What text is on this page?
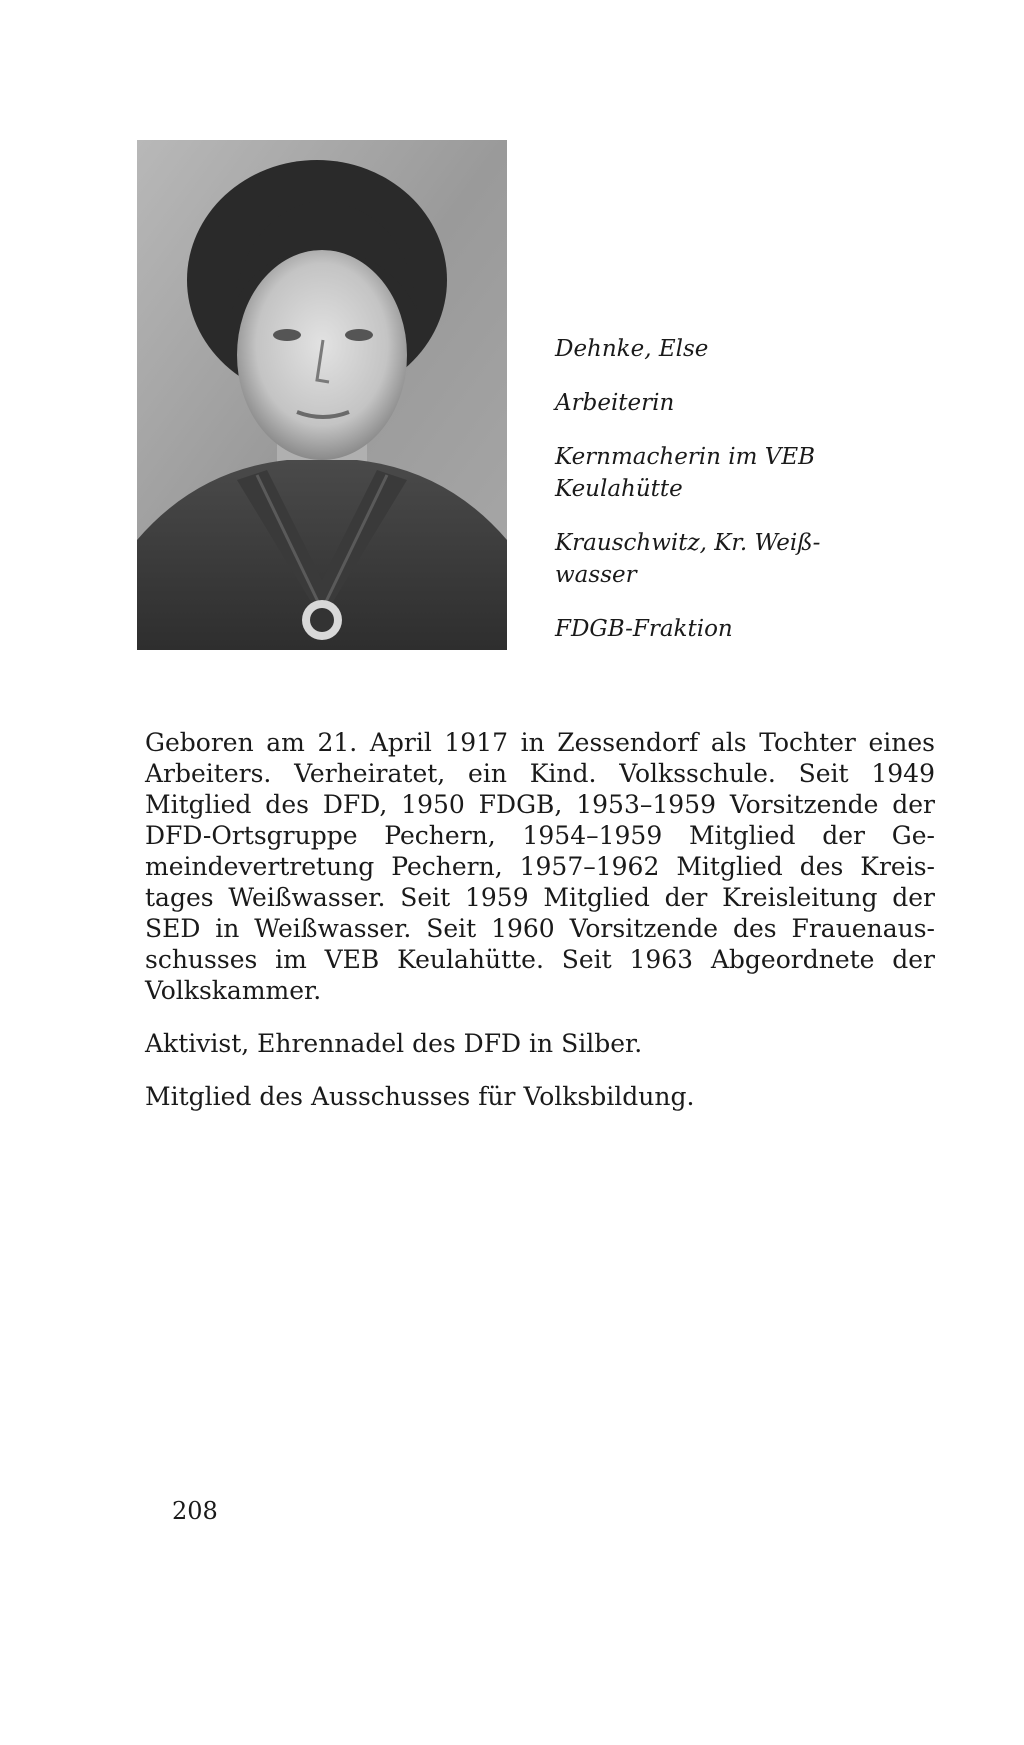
Dehnke, Else
Arbeiterin
Kernmacherin im VEB
Keulahütte
Krauschwitz, Kr. Weiß-
wasser
FDGB-Fraktion

Geboren am 21. April 1917 in Zessendorf als Tochter eines
Arbeiters. Verheiratet, ein Kind. Volksschule. Seit 1949
Mitglied des DFD, 1950 FDGB, 1953–1959 Vorsitzende der
DFD-Ortsgruppe Pechern, 1954–1959 Mitglied der Ge-
meindevertretung Pechern, 1957–1962 Mitglied des Kreis-
tages Weißwasser. Seit 1959 Mitglied der Kreisleitung der
SED in Weißwasser. Seit 1960 Vorsitzende des Frauenaus-
schusses im VEB Keulahütte. Seit 1963 Abgeordnete der
Volkskammer.

Aktivist, Ehrennadel des DFD in Silber.

Mitglied des Ausschusses für Volksbildung.

208
